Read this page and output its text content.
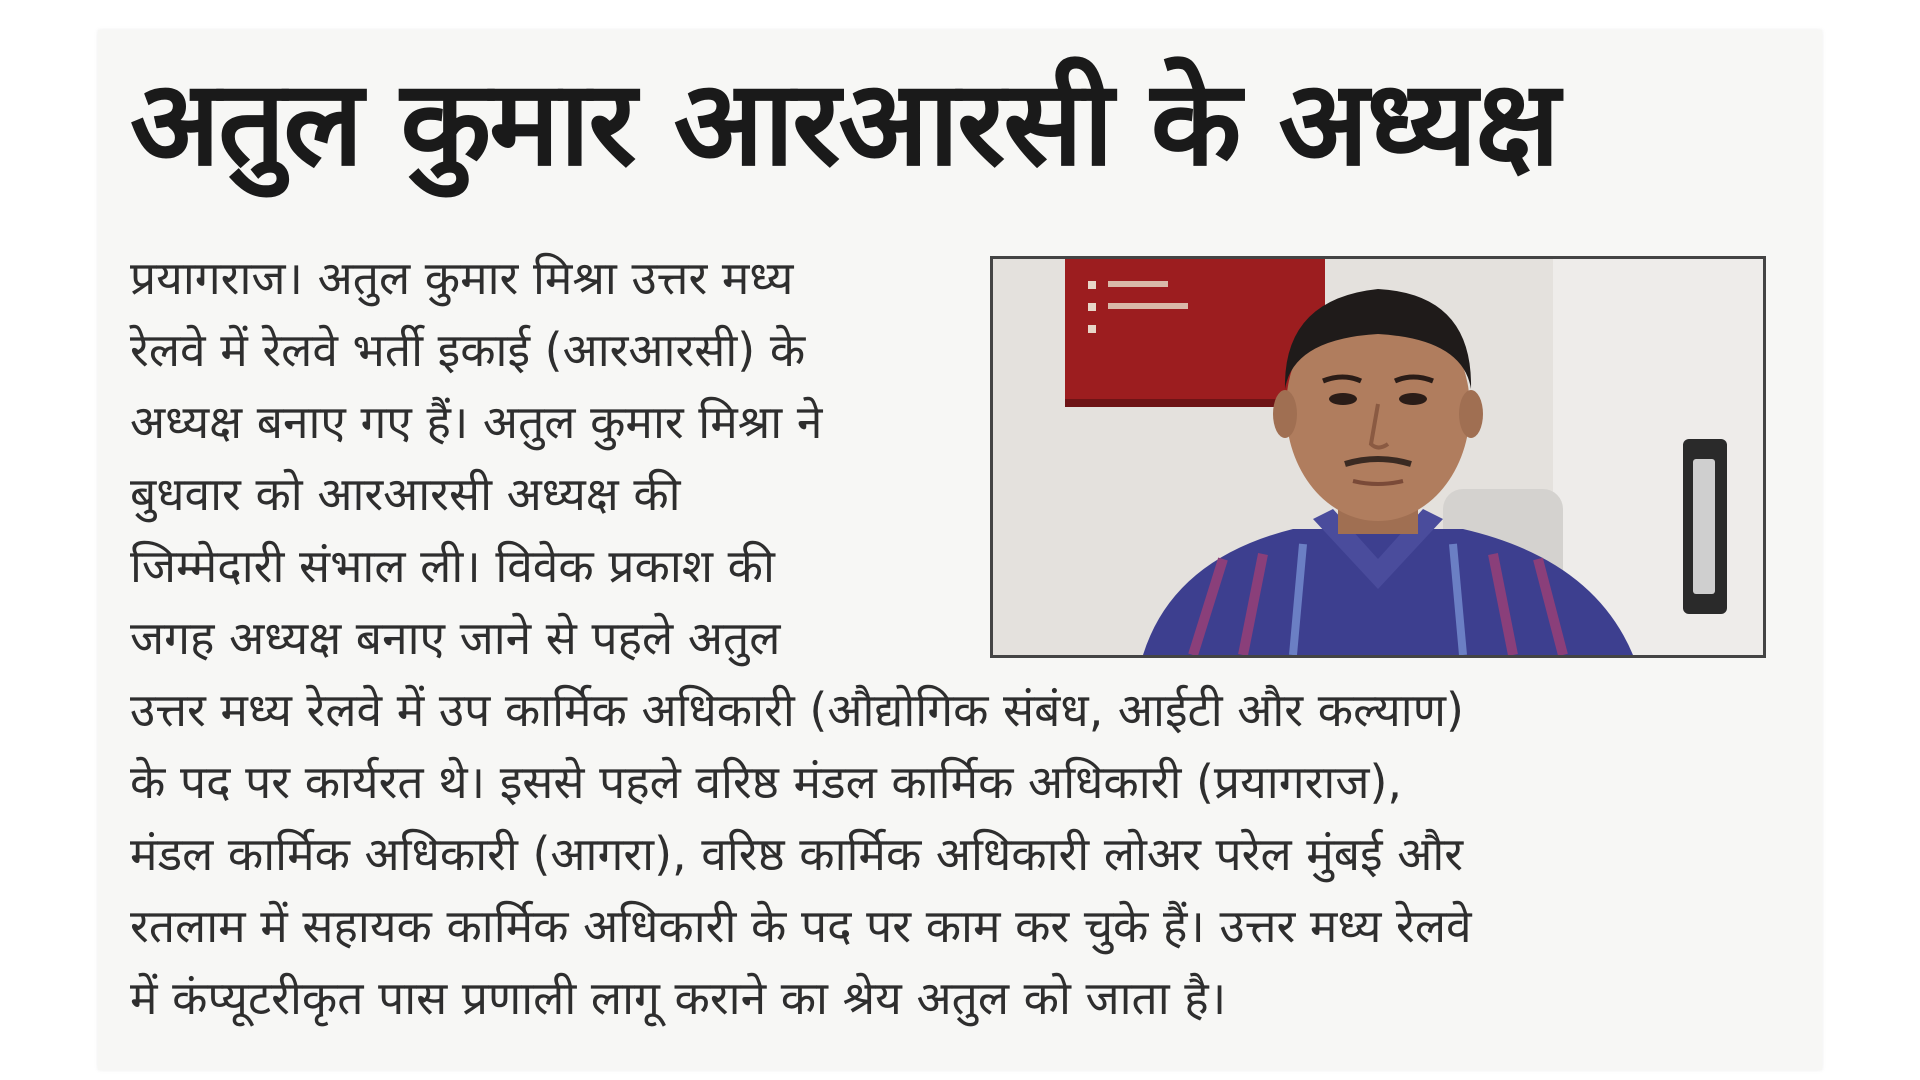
अतुल कुमार आरआरसी के अध्यक्ष
प्रयागराज। अतुल कुमार मिश्रा उत्तर मध्य
रेलवे में रेलवे भर्ती इकाई (आरआरसी) के
अध्यक्ष बनाए गए हैं। अतुल कुमार मिश्रा ने
बुधवार को आरआरसी अध्यक्ष की
जिम्मेदारी संभाल ली। विवेक प्रकाश की
जगह अध्यक्ष बनाए जाने से पहले अतुल
उत्तर मध्य रेलवे में उप कार्मिक अधिकारी (औद्योगिक संबंध, आईटी और कल्याण)
के पद पर कार्यरत थे। इससे पहले वरिष्ठ मंडल कार्मिक अधिकारी (प्रयागराज),
मंडल कार्मिक अधिकारी (आगरा), वरिष्ठ कार्मिक अधिकारी लोअर परेल मुंबई और
रतलाम में सहायक कार्मिक अधिकारी के पद पर काम कर चुके हैं। उत्तर मध्य रेलवे
में कंप्यूटरीकृत पास प्रणाली लागू कराने का श्रेय अतुल को जाता है।
